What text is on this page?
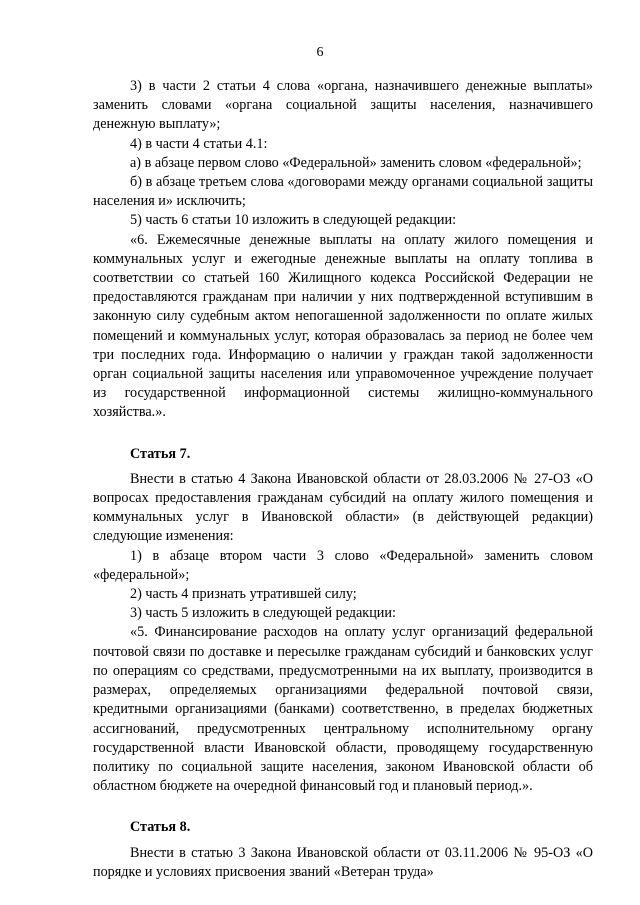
6

3) в части 2 статьи 4 слова «органа, назначившего денежные выплаты» заменить словами «органа социальной защиты населения, назначившего денежную выплату»;

4) в части 4 статьи 4.1:

а) в абзаце первом слово «Федеральной» заменить словом «федеральной»;

б) в абзаце третьем слова «договорами между органами социальной защиты населения и» исключить;

5) часть 6 статьи 10 изложить в следующей редакции:

«6. Ежемесячные денежные выплаты на оплату жилого помещения и коммунальных услуг и ежегодные денежные выплаты на оплату топлива в соответствии со статьей 160 Жилищного кодекса Российской Федерации не предоставляются гражданам при наличии у них подтвержденной вступившим в законную силу судебным актом непогашенной задолженности по оплате жилых помещений и коммунальных услуг, которая образовалась за период не более чем три последних года. Информацию о наличии у граждан такой задолженности орган социальной защиты населения или управомоченное учреждение получает из государственной информационной системы жилищно-коммунального хозяйства.».

Статья 7.

Внести в статью 4 Закона Ивановской области от 28.03.2006 № 27-ОЗ «О вопросах предоставления гражданам субсидий на оплату жилого помещения и коммунальных услуг в Ивановской области» (в действующей редакции) следующие изменения:

1) в абзаце втором части 3 слово «Федеральной» заменить словом «федеральной»;

2) часть 4 признать утратившей силу;

3) часть 5 изложить в следующей редакции:

«5. Финансирование расходов на оплату услуг организаций федеральной почтовой связи по доставке и пересылке гражданам субсидий и банковских услуг по операциям со средствами, предусмотренными на их выплату, производится в размерах, определяемых организациями федеральной почтовой связи, кредитными организациями (банками) соответственно, в пределах бюджетных ассигнований, предусмотренных центральному исполнительному органу государственной власти Ивановской области, проводящему государственную политику по социальной защите населения, законом Ивановской области об областном бюджете на очередной финансовый год и плановый период.».

Статья 8.

Внести в статью 3 Закона Ивановской области от 03.11.2006 № 95-ОЗ «О порядке и условиях присвоения званий «Ветеран труда»
